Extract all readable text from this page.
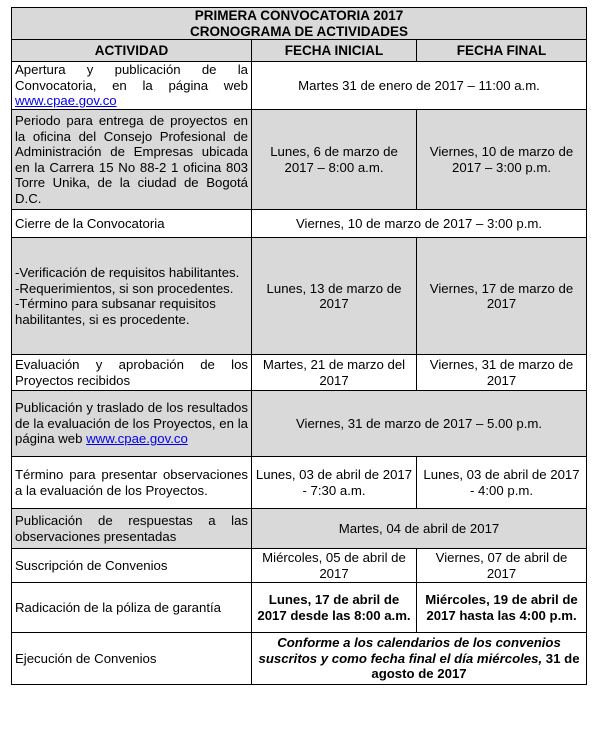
PRIMERA CONVOCATORIA 2017
CRONOGRAMA DE ACTIVIDADES		
ACTIVIDAD	FECHA INICIAL	FECHA FINAL
Apertura y publicación de la Convocatoria, en la página web www.cpae.gov.co	Martes 31 de enero de 2017 – 11:00 a.m.	
Periodo para entrega de proyectos en la oficina del Consejo Profesional de Administración de Empresas ubicada en la Carrera 15 No 88-2 1 oficina 803 Torre Unika, de la ciudad de Bogotá D.C.	Lunes, 6 de marzo de 2017 – 8:00 a.m.	Viernes, 10 de marzo de 2017 – 3:00 p.m.
Cierre de la Convocatoria	Viernes, 10 de marzo de 2017 – 3:00 p.m.	

-Verificación de requisitos habilitantes.
-Requerimientos, si son procedentes.
-Término para subsanar requisitos habilitantes, si es procedente.	Lunes, 13 de marzo de 2017	Viernes, 17 de marzo de 2017
Evaluación y aprobación de los Proyectos recibidos	Martes, 21 de marzo del 2017	Viernes, 31 de marzo de 2017
Publicación y traslado de los resultados de la evaluación de los Proyectos, en la página web www.cpae.gov.co	Viernes, 31 de marzo de 2017 – 5.00 p.m.	
Término para presentar observaciones a la evaluación de los Proyectos.	Lunes, 03 de abril de 2017 - 7:30 a.m.	Lunes, 03 de abril de 2017 - 4:00 p.m.
Publicación de respuestas a las observaciones presentadas	Martes, 04 de abril de 2017	
Suscripción de Convenios	Miércoles, 05 de abril de 2017	Viernes, 07 de abril de 2017
Radicación de la póliza de garantía	Lunes, 17 de abril de 2017 desde las 8:00 a.m.	Miércoles, 19 de abril de 2017 hasta las 4:00 p.m.
Ejecución de Convenios	Conforme a los calendarios de los convenios suscritos y como fecha final el día miércoles, 31 de agosto de 2017	
